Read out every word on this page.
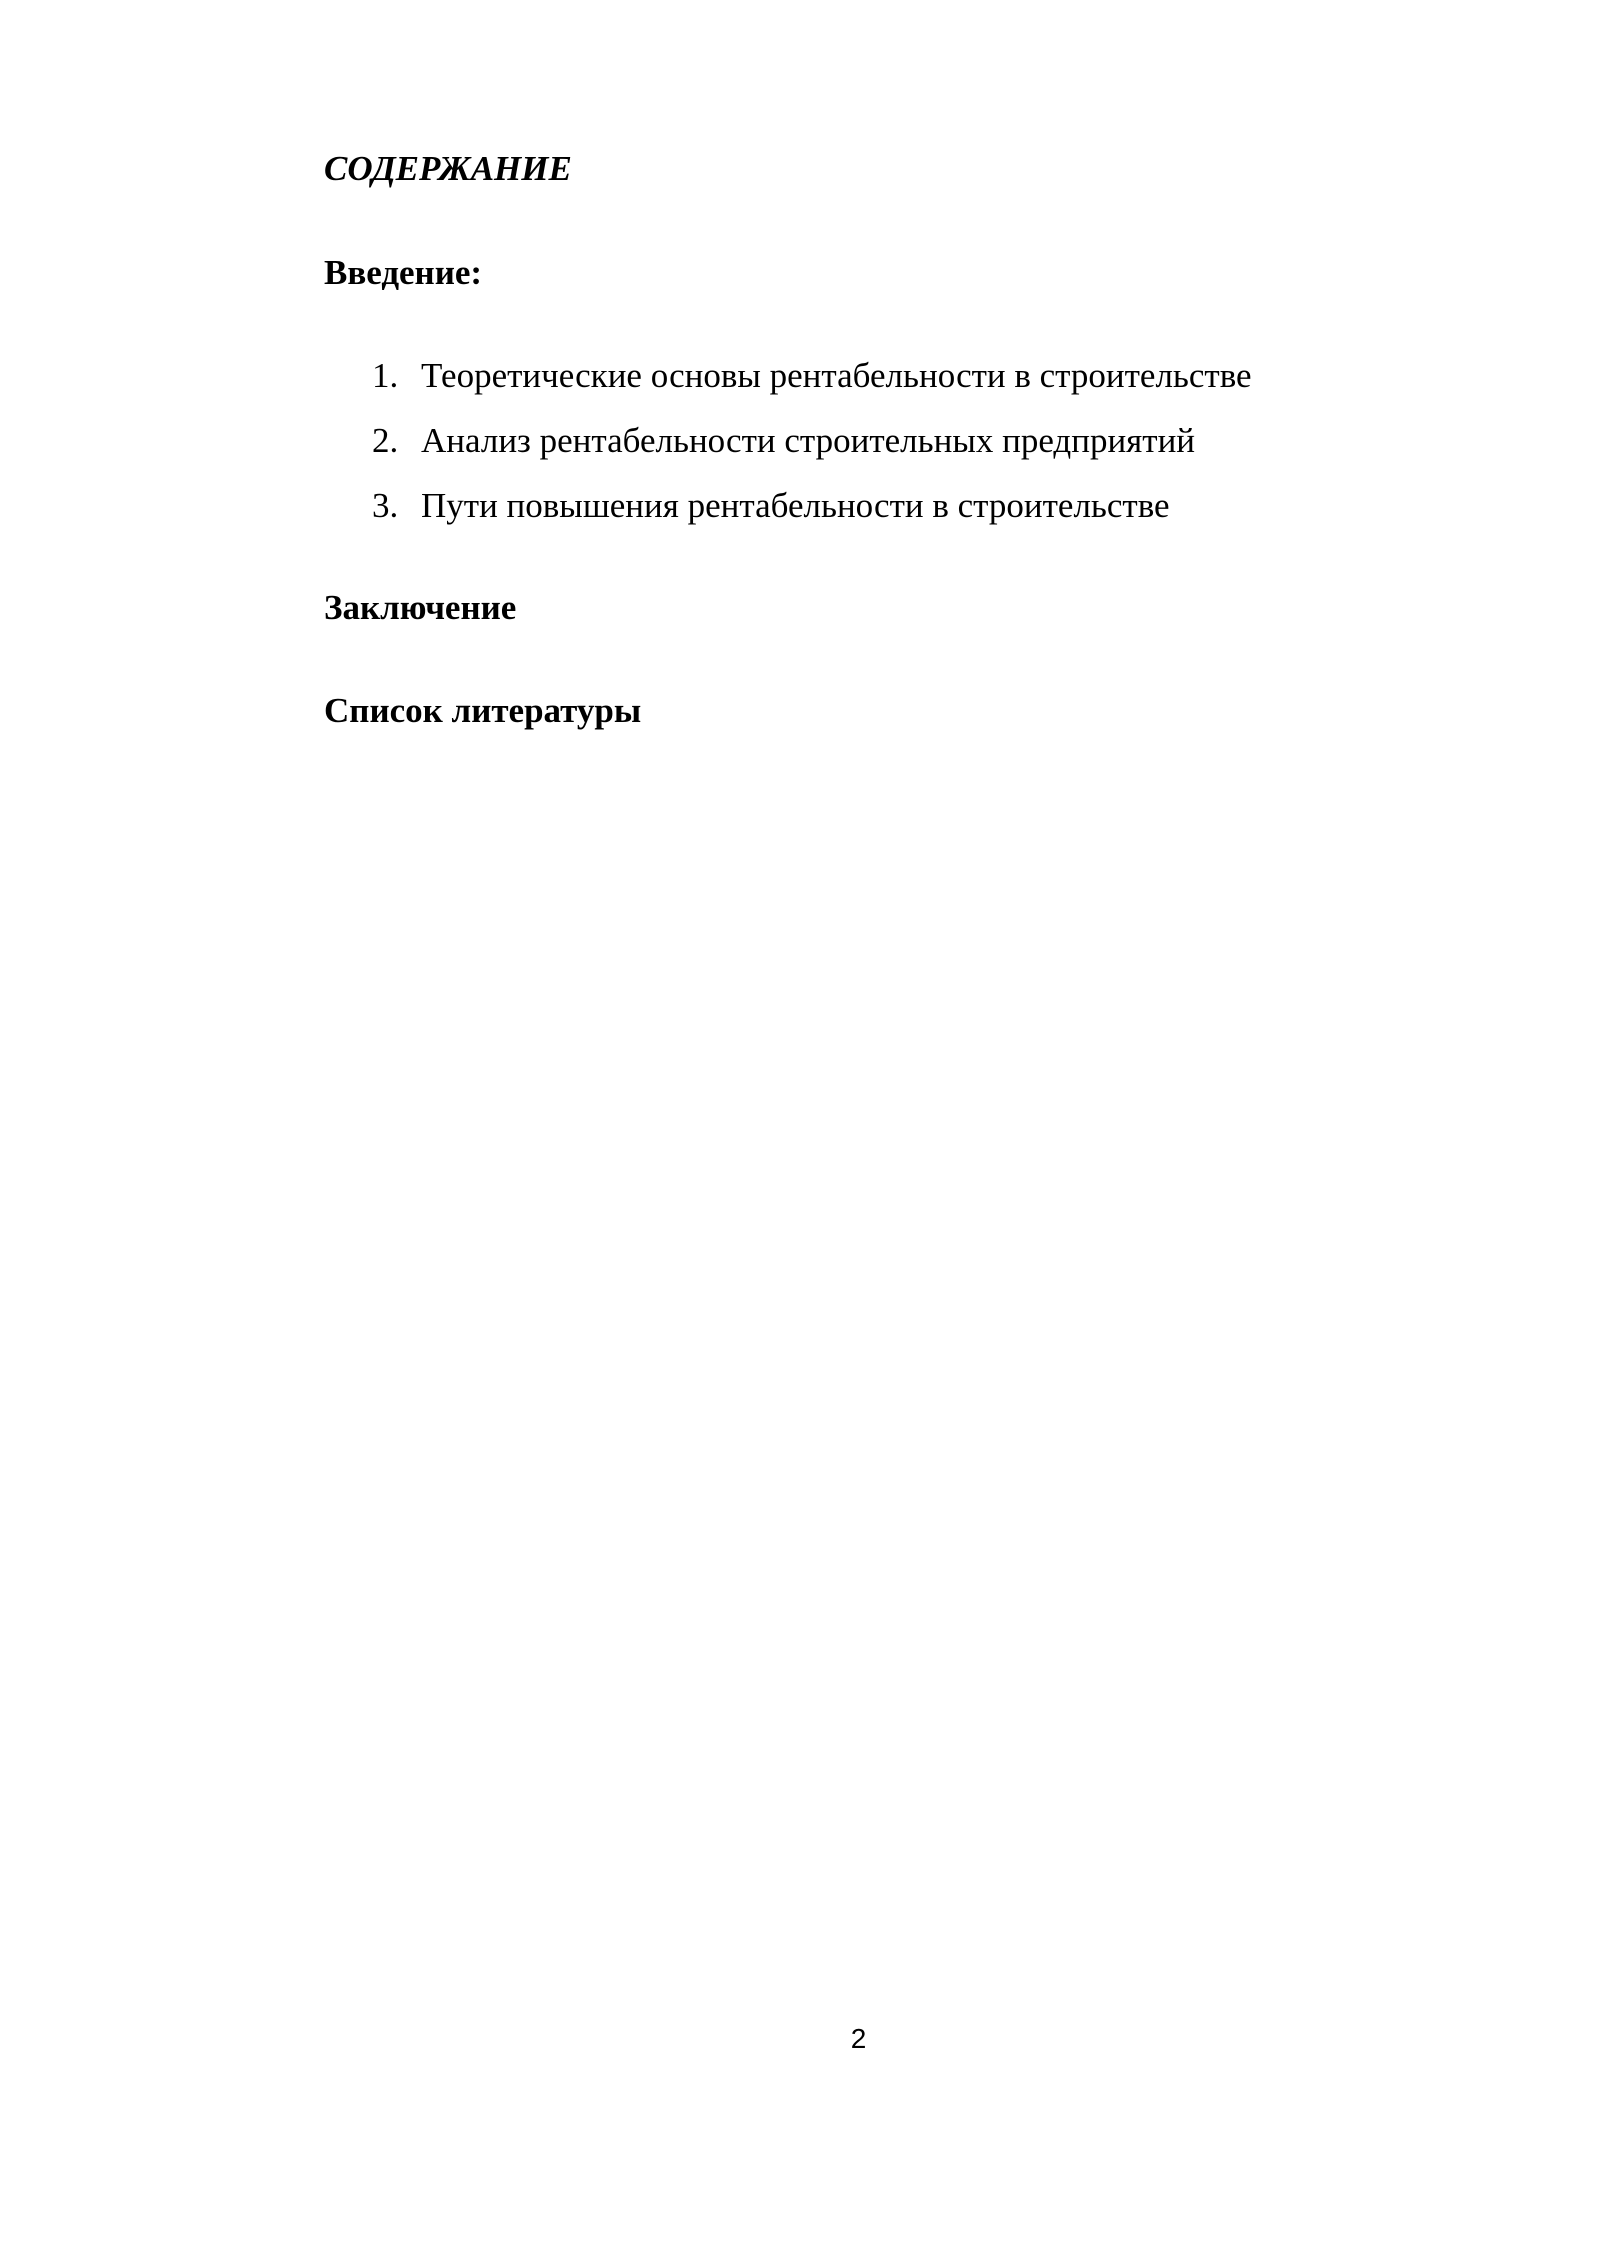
СОДЕРЖАНИЕ

Введение:

1. Теоретические основы рентабельности в строительстве
2. Анализ рентабельности строительных предприятий
3. Пути повышения рентабельности в строительстве

Заключение

Список литературы

2
